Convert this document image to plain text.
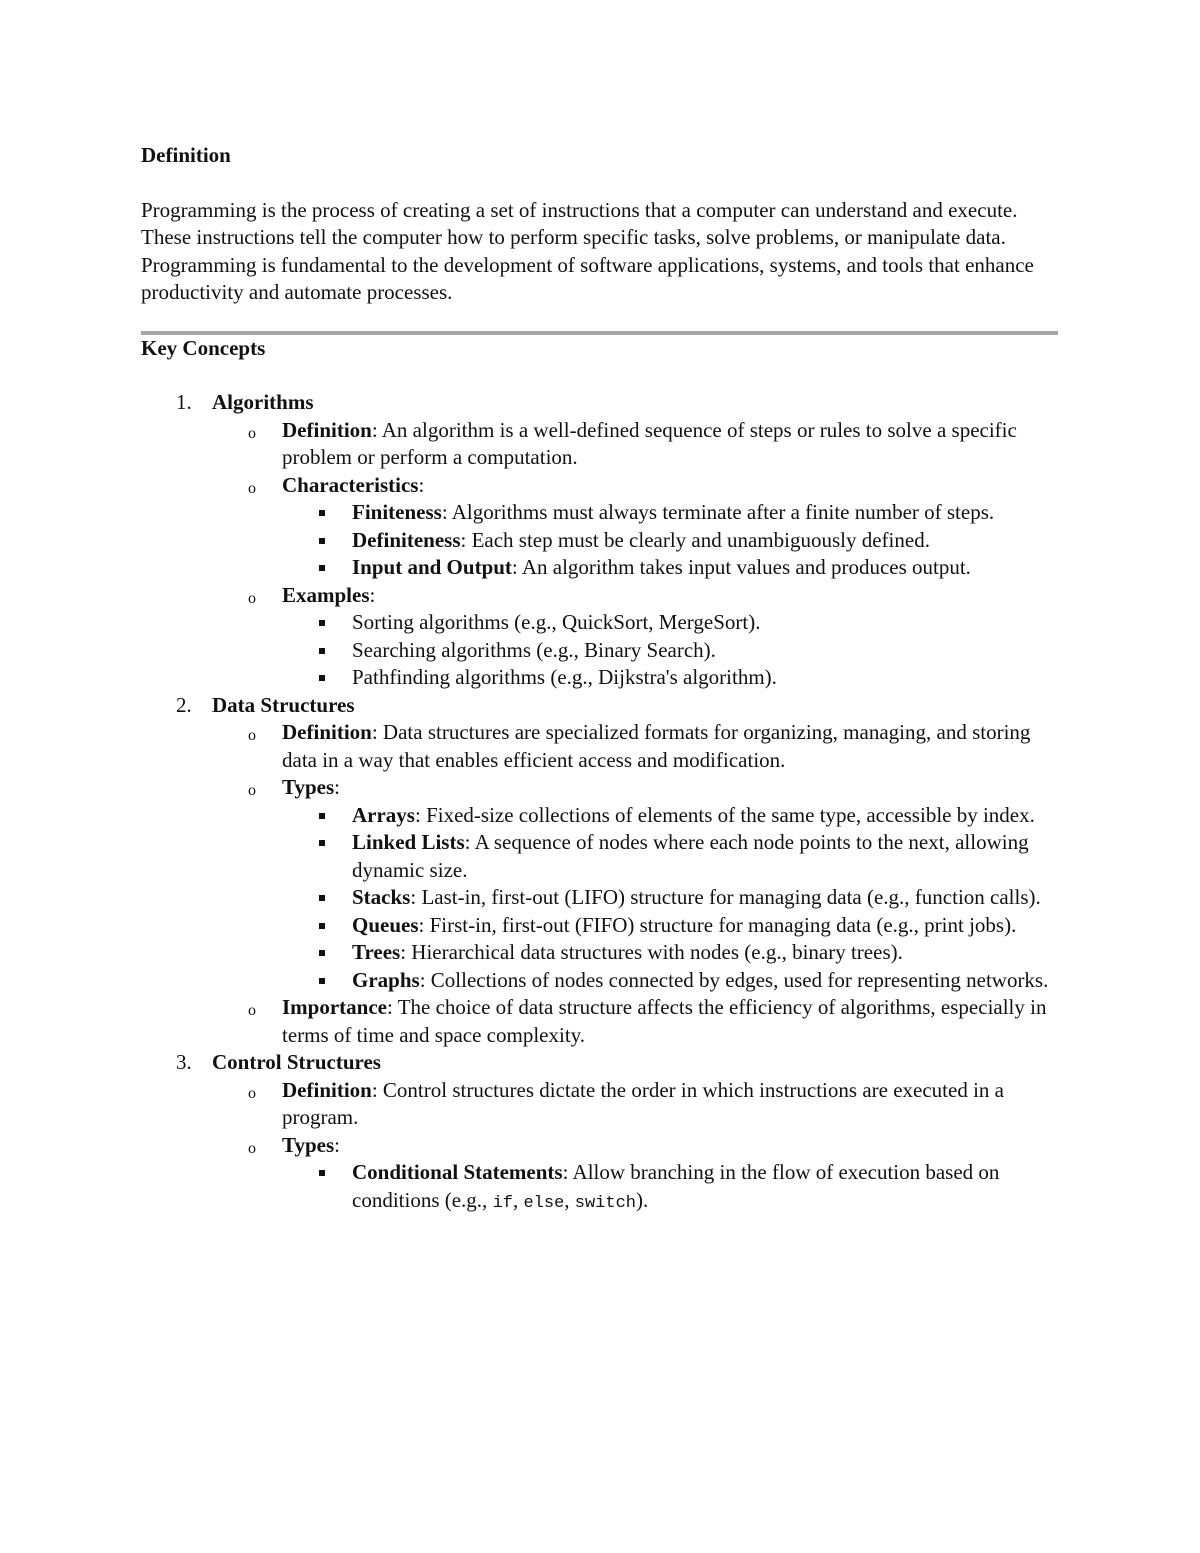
Definition

Programming is the process of creating a set of instructions that a computer can understand and execute. These instructions tell the computer how to perform specific tasks, solve problems, or manipulate data. Programming is fundamental to the development of software applications, systems, and tools that enhance productivity and automate processes.

Key Concepts
1. Algorithms
o Definition: An algorithm is a well-defined sequence of steps or rules to solve a specific problem or perform a computation.
o Characteristics:
Finiteness: Algorithms must always terminate after a finite number of steps.
Definiteness: Each step must be clearly and unambiguously defined.
Input and Output: An algorithm takes input values and produces output.
o Examples:
Sorting algorithms (e.g., QuickSort, MergeSort).
Searching algorithms (e.g., Binary Search).
Pathfinding algorithms (e.g., Dijkstra's algorithm).
2. Data Structures
o Definition: Data structures are specialized formats for organizing, managing, and storing data in a way that enables efficient access and modification.
o Types:
Arrays: Fixed-size collections of elements of the same type, accessible by index.
Linked Lists: A sequence of nodes where each node points to the next, allowing dynamic size.
Stacks: Last-in, first-out (LIFO) structure for managing data (e.g., function calls).
Queues: First-in, first-out (FIFO) structure for managing data (e.g., print jobs).
Trees: Hierarchical data structures with nodes (e.g., binary trees).
Graphs: Collections of nodes connected by edges, used for representing networks.
o Importance: The choice of data structure affects the efficiency of algorithms, especially in terms of time and space complexity.
3. Control Structures
o Definition: Control structures dictate the order in which instructions are executed in a program.
o Types:
Conditional Statements: Allow branching in the flow of execution based on conditions (e.g., if, else, switch).
